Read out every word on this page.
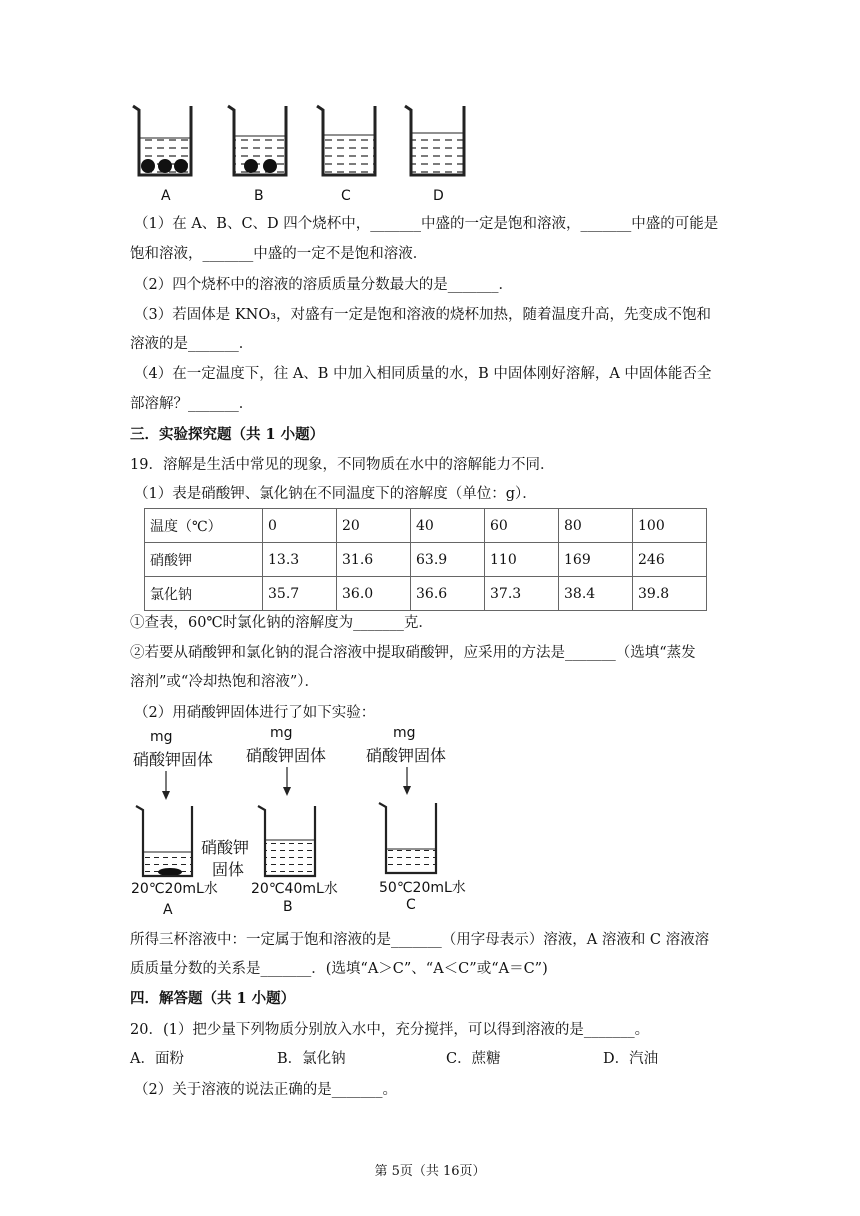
A	B	C	D
（1）在 A、B、C、D 四个烧杯中，_______中盛的一定是饱和溶液，_______中盛的可能是
饱和溶液，_______中盛的一定不是饱和溶液．
（2）四个烧杯中的溶液的溶质质量分数最大的是_______．
（3）若固体是 KNO₃，对盛有一定是饱和溶液的烧杯加热，随着温度升高，先变成不饱和
溶液的是_______．
（4）在一定温度下，往 A、B 中加入相同质量的水，B 中固体刚好溶解，A 中固体能否全
部溶解？_______．
三．实验探究题（共 1 小题）
19．溶解是生活中常见的现象，不同物质在水中的溶解能力不同．
（1）表是硝酸钾、氯化钠在不同温度下的溶解度（单位：g）．
温度（℃）	0	20	40	60	80	100
硝酸钾	13.3	31.6	63.9	110	169	246
氯化钠	35.7	36.0	36.6	37.3	38.4	39.8
①查表，60℃时氯化钠的溶解度为_______克．
②若要从硝酸钾和氯化钠的混合溶液中提取硝酸钾，应采用的方法是_______（选填“蒸发
溶剂”或“冷却热饱和溶液”）．
（2）用硝酸钾固体进行了如下实验：
mg
硝酸钾固体
mg
硝酸钾固体
mg
硝酸钾固体
硝酸钾
固体
20℃20mL水 20℃40mL水	50℃20mL水
A	B	C
所得三杯溶液中：一定属于饱和溶液的是_______（用字母表示）溶液，A 溶液和 C 溶液溶
质质量分数的关系是_______．(选填“A＞C”、“A＜C”或“A＝C”)
四．解答题（共 1 小题）
20．(1）把少量下列物质分别放入水中，充分搅拌，可以得到溶液的是_______。
A．面粉	B．氯化钠	C．蔗糖	D．汽油
（2）关于溶液的说法正确的是_______。
第 5页（共 16页）
